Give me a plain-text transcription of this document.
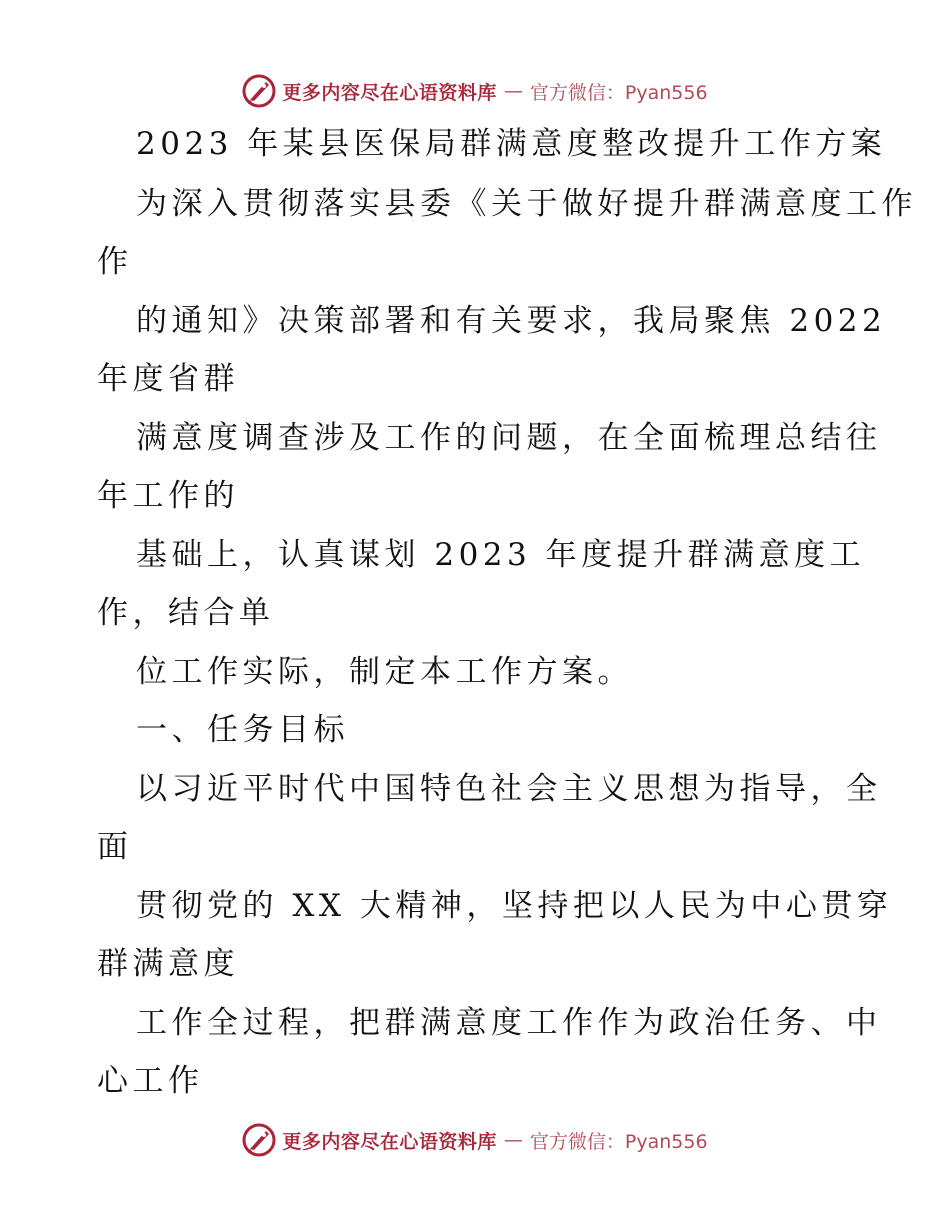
更多内容尽在心语资料库 — 官方微信：Pyan556
2023 年某县医保局群满意度整改提升工作方案
为深入贯彻落实县委《关于做好提升群满意度工作
作
的通知》决策部署和有关要求，我局聚焦 2022
年度省群
满意度调查涉及工作的问题，在全面梳理总结往
年工作的
基础上，认真谋划 2023 年度提升群满意度工
作，结合单
位工作实际，制定本工作方案。
一、任务目标
以习近平时代中国特色社会主义思想为指导，全
面
贯彻党的 XX 大精神，坚持把以人民为中心贯穿
群满意度
工作全过程，把群满意度工作作为政治任务、中
心工作
更多内容尽在心语资料库 — 官方微信：Pyan556
